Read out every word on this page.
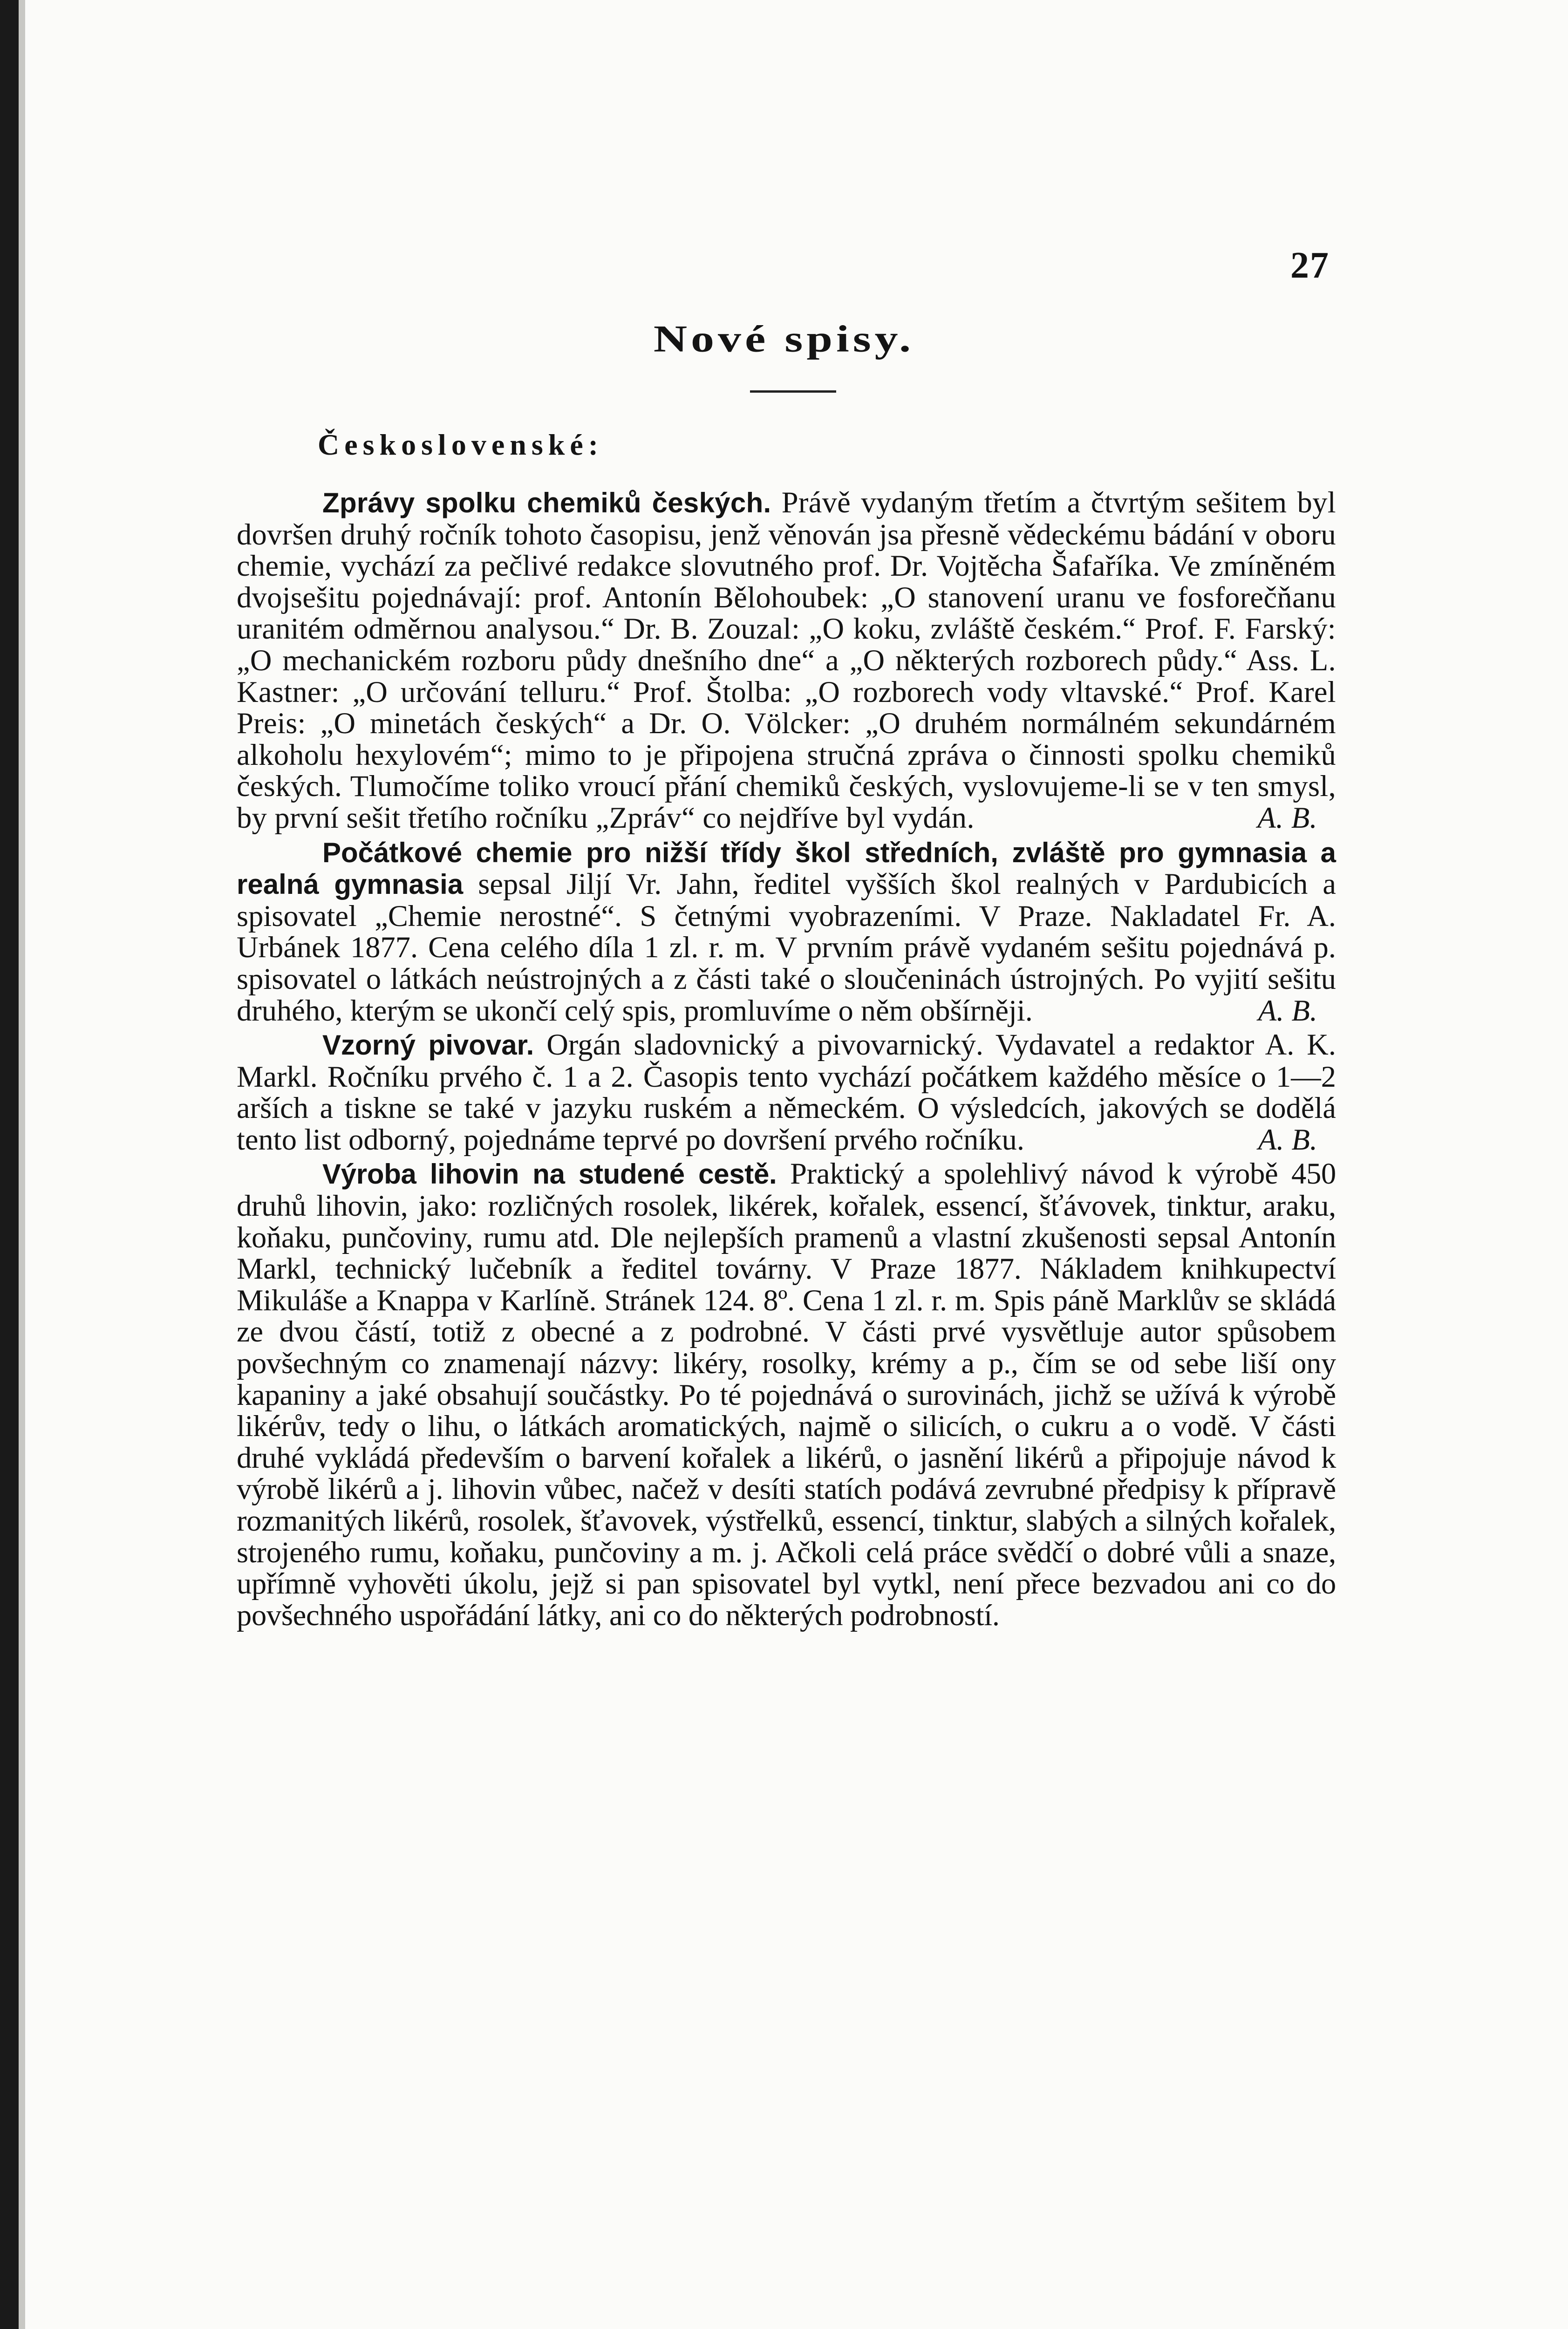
27
Nové spisy.
Československé:

Zprávy spolku chemiků českých. Právě vydaným třetím a čtvrtým sešitem byl dovršen druhý ročník tohoto časopisu, jenž věnován jsa přesně vědeckému bádání v oboru chemie, vychází za pečlivé redakce slovutného prof. Dr. Vojtěcha Šafaříka. Ve zmíněném dvojsešitu pojednávají: prof. Antonín Bělohoubek: „O stanovení uranu ve fosforečňanu uranitém odměrnou analysou.“ Dr. B. Zouzal: „O koku, zvláště českém.“ Prof. F. Farský: „O mechanickém rozboru půdy dnešního dne“ a „O některých rozborech půdy.“ Ass. L. Kastner: „O určování telluru.“ Prof. Štolba: „O rozborech vody vltavské.“ Prof. Karel Preis: „O minetách českých“ a Dr. O. Völcker: „O druhém normálném sekundárném alkoholu hexylovém“; mimo to je připojena stručná zpráva o činnosti spolku chemiků českých. Tlumočíme toliko vroucí přání chemiků českých, vyslovujeme-li se v ten smysl, by první sešit třetího ročníku „Zpráv“ co nejdříve byl vydán.	A. B.

Počátkové chemie pro nižší třídy škol středních, zvláště pro gymnasia a realná gymnasia sepsal Jiljí Vr. Jahn, ředitel vyšších škol realných v Pardubicích a spisovatel „Chemie nerostné“. S četnými vyobrazeními. V Praze. Nakladatel Fr. A. Urbánek 1877. Cena celého díla 1 zl. r. m. V prvním právě vydaném sešitu pojednává p. spisovatel o látkách neústrojných a z části také o sloučeninách ústrojných. Po vyjití sešitu druhého, kterým se ukončí celý spis, promluvíme o něm obšírněji.	A. B.

Vzorný pivovar. Orgán sladovnický a pivovarnický. Vydavatel a redaktor A. K. Markl. Ročníku prvého č. 1 a 2. Časopis tento vychází počátkem každého měsíce o 1—2 arších a tiskne se také v jazyku ruském a německém. O výsledcích, jakových se dodělá tento list odborný, pojednáme teprvé po dovršení prvého ročníku.	A. B.

Výroba lihovin na studené cestě. Praktický a spolehlivý návod k výrobě 450 druhů lihovin, jako: rozličných rosolek, likérek, kořalek, essencí, šťávovek, tinktur, araku, koňaku, punčoviny, rumu atd. Dle nejlepších pramenů a vlastní zkušenosti sepsal Antonín Markl, technický lučebník a ředitel továrny. V Praze 1877. Nákladem knihkupectví Mikuláše a Knappa v Karlíně. Stránek 124. 8º. Cena 1 zl. r. m. Spis páně Marklův se skládá ze dvou částí, totiž z obecné a z podrobné. V části prvé vysvětluje autor spůsobem povšechným co znamenají názvy: likéry, rosolky, krémy a p., čím se od sebe liší ony kapaniny a jaké obsahují součástky. Po té pojednává o surovinách, jichž se užívá k výrobě likérův, tedy o lihu, o látkách aromatických, najmě o silicích, o cukru a o vodě. V části druhé vykládá především o barvení kořalek a likérů, o jasnění likérů a připojuje návod k výrobě likérů a j. lihovin vůbec, načež v desíti statích podává zevrubné předpisy k přípravě rozmanitých likérů, rosolek, šťavovek, výstřelků, essencí, tinktur, slabých a silných kořalek, strojeného rumu, koňaku, punčoviny a m. j. Ačkoli celá práce svědčí o dobré vůli a snaze, upřímně vyhověti úkolu, jejž si pan spisovatel byl vytkl, není přece bezvadou ani co do povšechného uspořádání látky, ani co do některých podrobností.
